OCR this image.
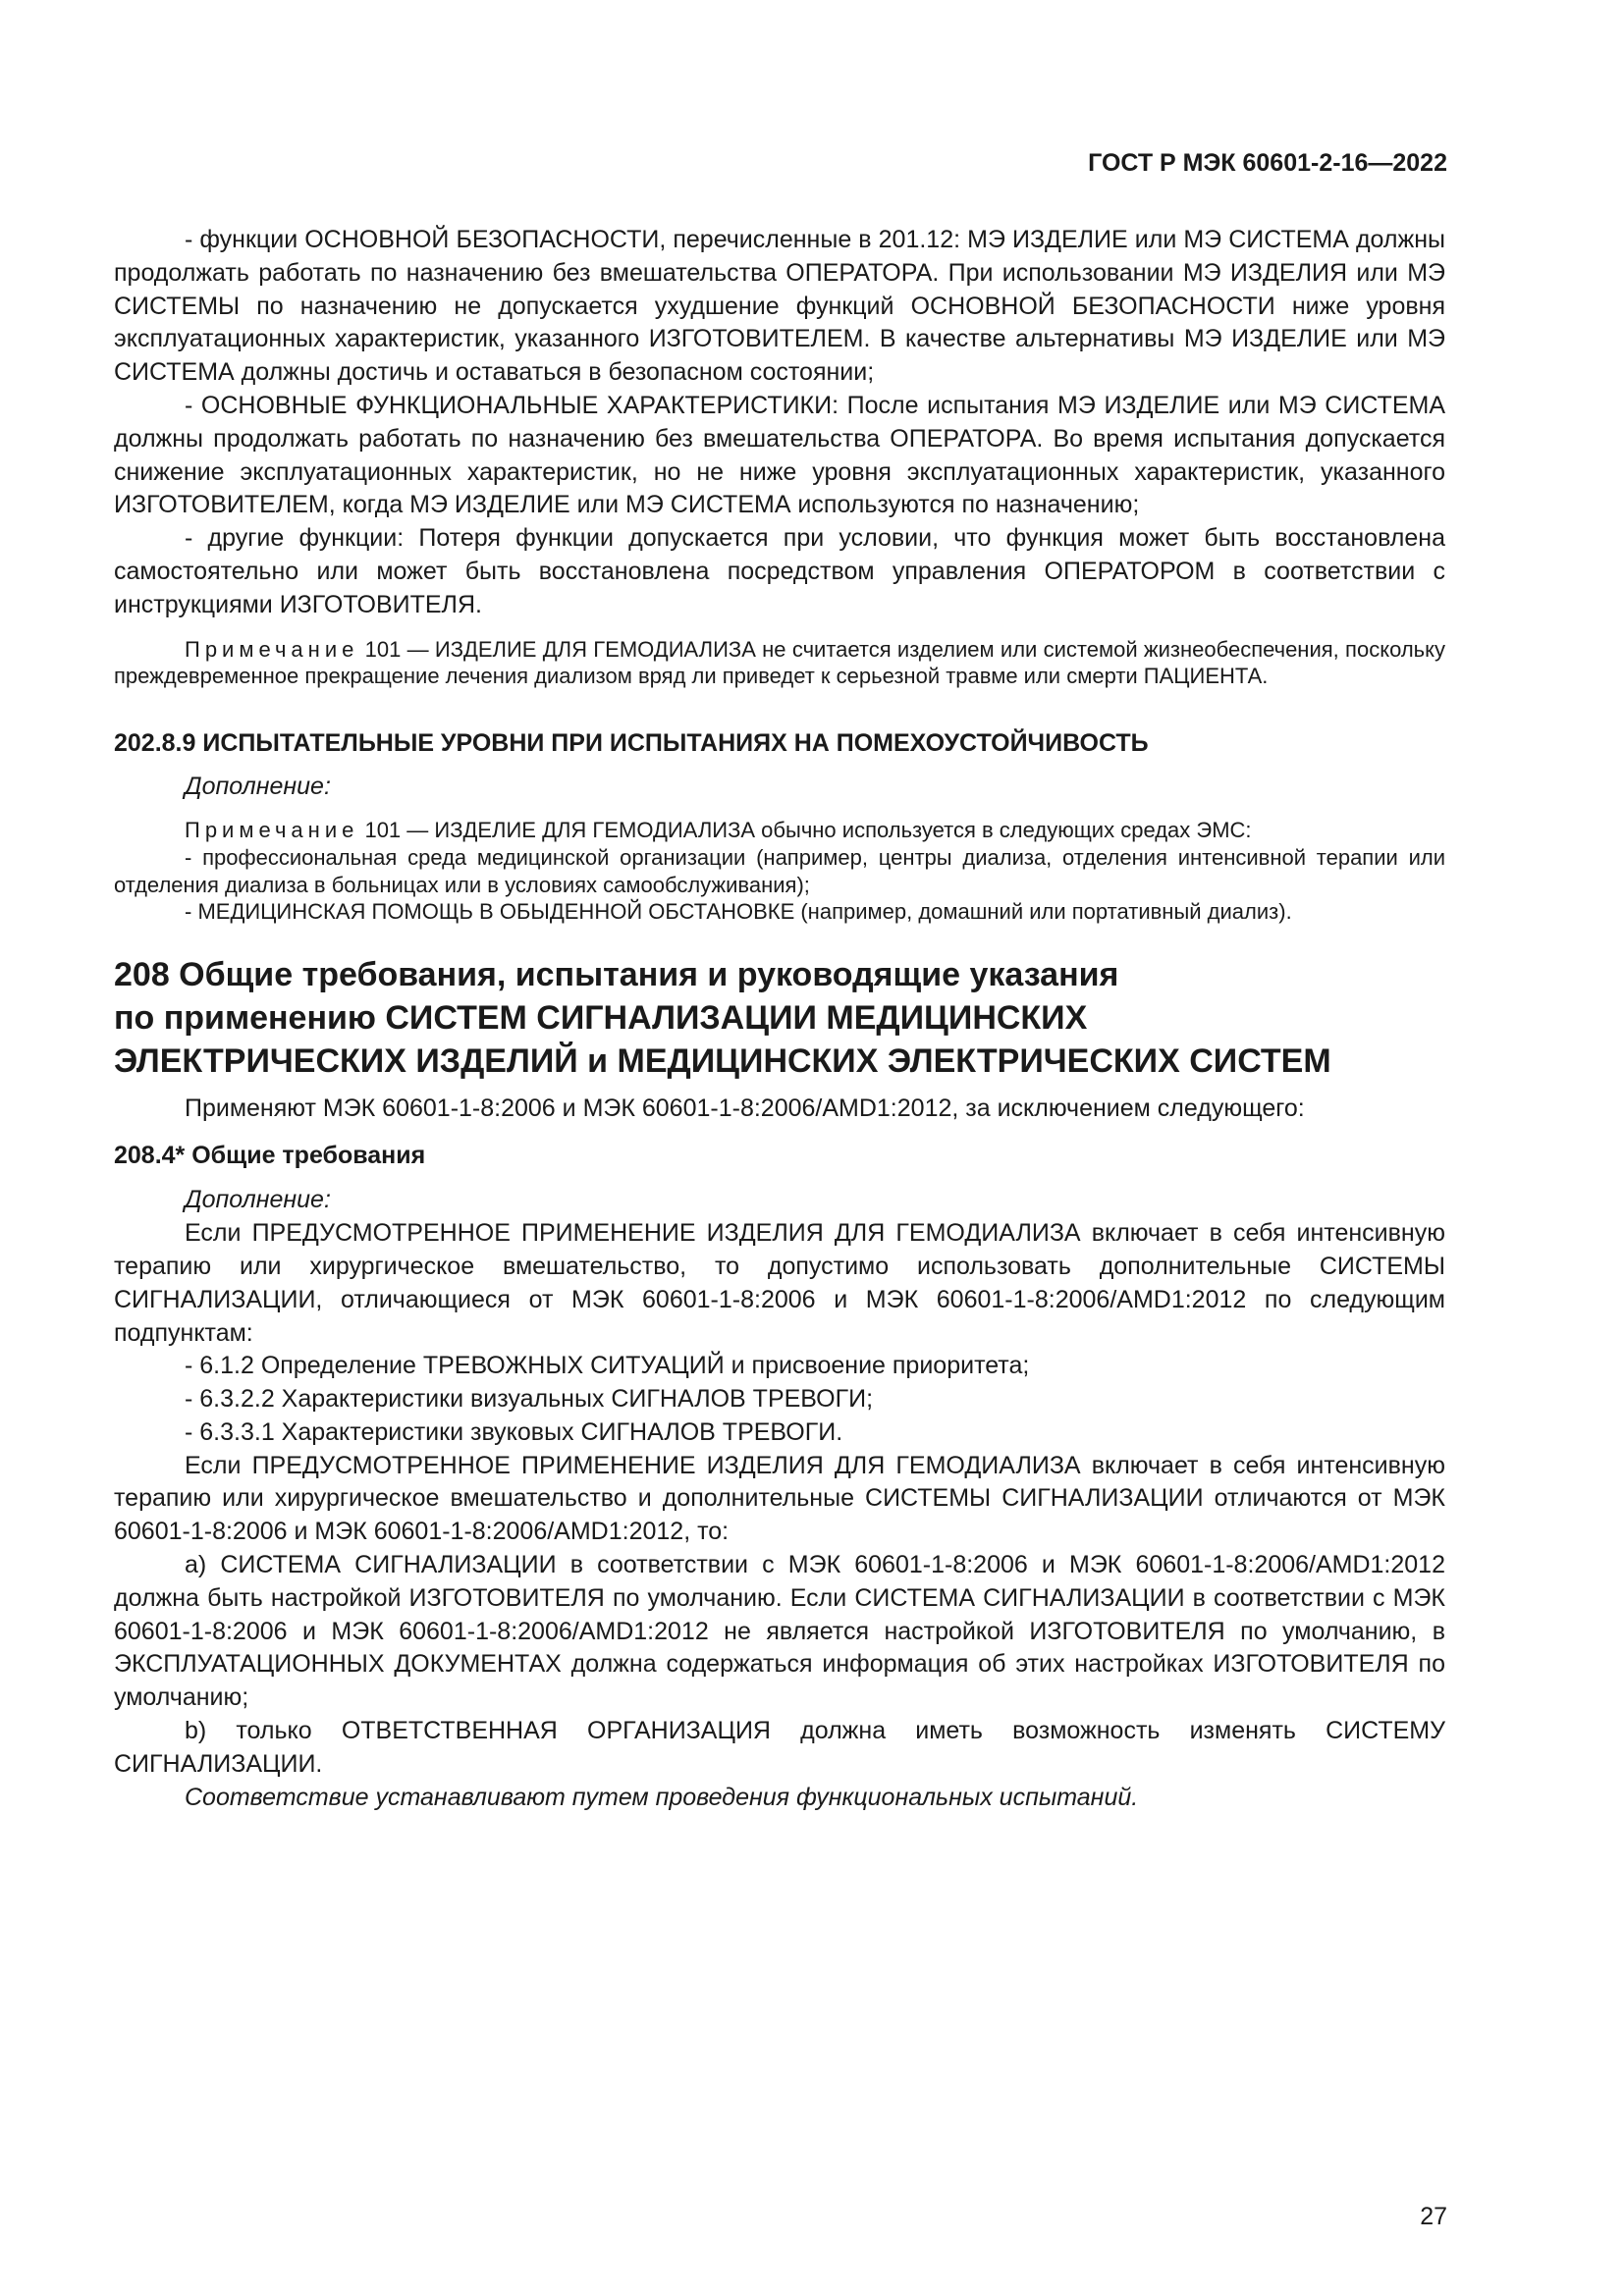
ГОСТ Р МЭК 60601-2-16—2022

- функции ОСНОВНОЙ БЕЗОПАСНОСТИ, перечисленные в 201.12: МЭ ИЗДЕЛИЕ или МЭ СИСТЕМА должны продолжать работать по назначению без вмешательства ОПЕРАТОРА. При использовании МЭ ИЗДЕЛИЯ или МЭ СИСТЕМЫ по назначению не допускается ухудшение функций ОСНОВНОЙ БЕЗОПАСНОСТИ ниже уровня эксплуатационных характеристик, указанного ИЗГОТОВИТЕЛЕМ. В качестве альтернативы МЭ ИЗДЕЛИЕ или МЭ СИСТЕМА должны достичь и оставаться в безопасном состоянии;

- ОСНОВНЫЕ ФУНКЦИОНАЛЬНЫЕ ХАРАКТЕРИСТИКИ: После испытания МЭ ИЗДЕЛИЕ или МЭ СИСТЕМА должны продолжать работать по назначению без вмешательства ОПЕРАТОРА. Во время испытания допускается снижение эксплуатационных характеристик, но не ниже уровня эксплуатационных характеристик, указанного ИЗГОТОВИТЕЛЕМ, когда МЭ ИЗДЕЛИЕ или МЭ СИСТЕМА используются по назначению;

- другие функции: Потеря функции допускается при условии, что функция может быть восстановлена самостоятельно или может быть восстановлена посредством управления ОПЕРАТОРОМ в соответствии с инструкциями ИЗГОТОВИТЕЛЯ.

Примечание 101 — ИЗДЕЛИЕ ДЛЯ ГЕМОДИАЛИЗА не считается изделием или системой жизнеобеспечения, поскольку преждевременное прекращение лечения диализом вряд ли приведет к серьезной травме или смерти ПАЦИЕНТА.

202.8.9 ИСПЫТАТЕЛЬНЫЕ УРОВНИ ПРИ ИСПЫТАНИЯХ НА ПОМЕХОУСТОЙЧИВОСТЬ

Дополнение:

Примечание 101 — ИЗДЕЛИЕ ДЛЯ ГЕМОДИАЛИЗА обычно используется в следующих средах ЭМС:

- профессиональная среда медицинской организации (например, центры диализа, отделения интенсивной терапии или отделения диализа в больницах или в условиях самообслуживания);

- МЕДИЦИНСКАЯ ПОМОЩЬ В ОБЫДЕННОЙ ОБСТАНОВКЕ (например, домашний или портативный диализ).

208 Общие требования, испытания и руководящие указания

по применению СИСТЕМ СИГНАЛИЗАЦИИ МЕДИЦИНСКИХ

ЭЛЕКТРИЧЕСКИХ ИЗДЕЛИЙ и МЕДИЦИНСКИХ ЭЛЕКТРИЧЕСКИХ СИСТЕМ

Применяют МЭК 60601-1-8:2006 и МЭК 60601-1-8:2006/AMD1:2012, за исключением следующего:

208.4* Общие требования

Дополнение:

Если ПРЕДУСМОТРЕННОЕ ПРИМЕНЕНИЕ ИЗДЕЛИЯ ДЛЯ ГЕМОДИАЛИЗА включает в себя интенсивную терапию или хирургическое вмешательство, то допустимо использовать дополнительные СИСТЕМЫ СИГНАЛИЗАЦИИ, отличающиеся от МЭК 60601-1-8:2006 и МЭК 60601-1-8:2006/AMD1:2012 по следующим подпунктам:

- 6.1.2 Определение ТРЕВОЖНЫХ СИТУАЦИЙ и присвоение приоритета;

- 6.3.2.2 Характеристики визуальных СИГНАЛОВ ТРЕВОГИ;

- 6.3.3.1 Характеристики звуковых СИГНАЛОВ ТРЕВОГИ.

Если ПРЕДУСМОТРЕННОЕ ПРИМЕНЕНИЕ ИЗДЕЛИЯ ДЛЯ ГЕМОДИАЛИЗА включает в себя интенсивную терапию или хирургическое вмешательство и дополнительные СИСТЕМЫ СИГНАЛИЗАЦИИ отличаются от МЭК 60601-1-8:2006 и МЭК 60601-1-8:2006/AMD1:2012, то:

a) СИСТЕМА СИГНАЛИЗАЦИИ в соответствии с МЭК 60601-1-8:2006 и МЭК 60601-1-8:2006/AMD1:2012 должна быть настройкой ИЗГОТОВИТЕЛЯ по умолчанию. Если СИСТЕМА СИГНАЛИЗАЦИИ в соответствии с МЭК 60601-1-8:2006 и МЭК 60601-1-8:2006/AMD1:2012 не является настройкой ИЗГОТОВИТЕЛЯ по умолчанию, в ЭКСПЛУАТАЦИОННЫХ ДОКУМЕНТАХ должна содержаться информация об этих настройках ИЗГОТОВИТЕЛЯ по умолчанию;

b) только ОТВЕТСТВЕННАЯ ОРГАНИЗАЦИЯ должна иметь возможность изменять СИСТЕМУ СИГНАЛИЗАЦИИ.

Соответствие устанавливают путем проведения функциональных испытаний.

27
